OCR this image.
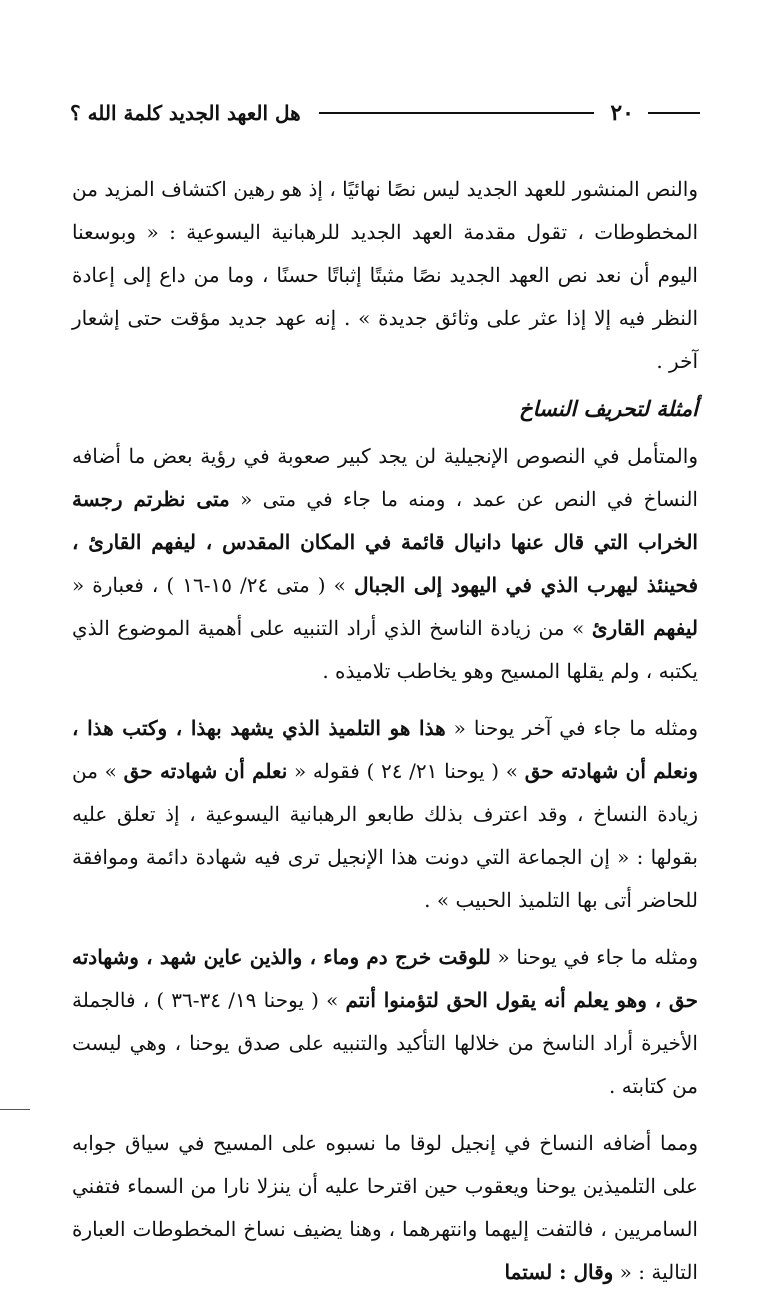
٢٠
هل العهد الجديد كلمة الله ؟

والنص المنشور للعهد الجديد ليس نصًا نهائيًا ، إذ هو رهين اكتشاف المزيد من المخطوطات ، تقول مقدمة العهد الجديد للرهبانية اليسوعية : « وبوسعنا اليوم أن نعد نص العهد الجديد نصًا مثبتًا إثباتًا حسنًا ، وما من داع إلى إعادة النظر فيه إلا إذا عثر على وثائق جديدة » . إنه عهد جديد مؤقت حتى إشعار آخر .

أمثلة لتحريف النساخ

والمتأمل في النصوص الإنجيلية لن يجد كبير صعوبة في رؤية بعض ما أضافه النساخ في النص عن عمد ، ومنه ما جاء في متى « متى نظرتم رجسة الخراب التي قال عنها دانيال قائمة في المكان المقدس ، ليفهم القارئ ، فحينئذ ليهرب الذي في اليهود إلى الجبال » ( متى ٢٤/ ١٥-١٦ ) ، فعبارة « ليفهم القارئ » من زيادة الناسخ الذي أراد التنبيه على أهمية الموضوع الذي يكتبه ، ولم يقلها المسيح وهو يخاطب تلاميذه .

ومثله ما جاء في آخر يوحنا « هذا هو التلميذ الذي يشهد بهذا ، وكتب هذا ، ونعلم أن شهادته حق » ( يوحنا ٢١/ ٢٤ ) فقوله « نعلم أن شهادته حق » من زيادة النساخ ، وقد اعترف بذلك طابعو الرهبانية اليسوعية ، إذ تعلق عليه بقولها : « إن الجماعة التي دونت هذا الإنجيل ترى فيه شهادة دائمة وموافقة للحاضر أتى بها التلميذ الحبيب » .

ومثله ما جاء في يوحنا « للوقت خرج دم وماء ، والذين عاين شهد ، وشهادته حق ، وهو يعلم أنه يقول الحق لتؤمنوا أنتم » ( يوحنا ١٩/ ٣٤-٣٦ ) ، فالجملة الأخيرة أراد الناسخ من خلالها التأكيد والتنبيه على صدق يوحنا ، وهي ليست من كتابته .

ومما أضافه النساخ في إنجيل لوقا ما نسبوه على المسيح في سياق جوابه على التلميذين يوحنا ويعقوب حين اقترحا عليه أن ينزلا نارا من السماء فتفني السامريين ، فالتفت إليهما وانتهرهما ، وهنا يضيف نساخ المخطوطات العبارة التالية : « وقال : لستما
